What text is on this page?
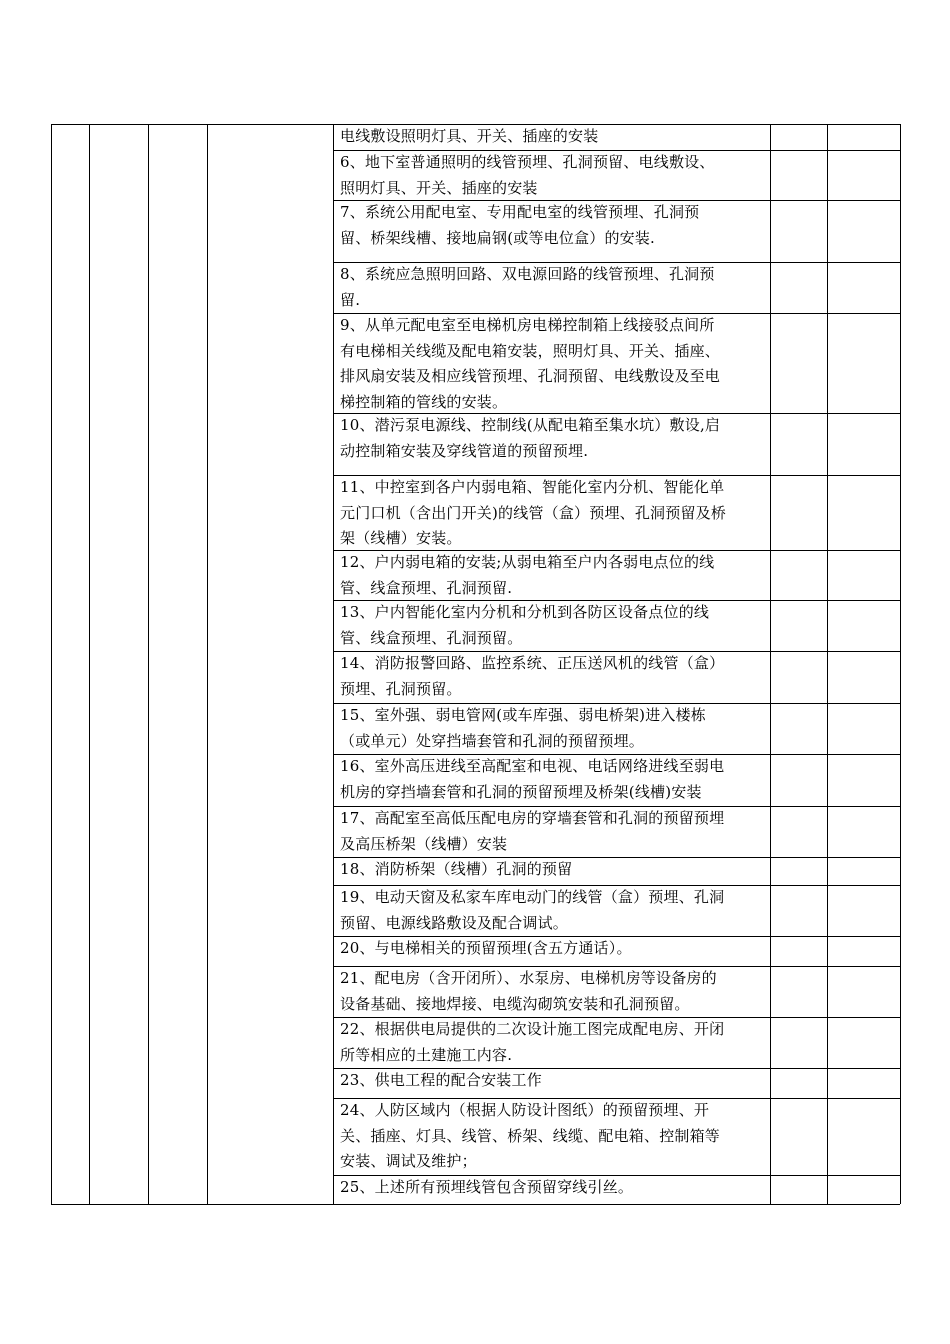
电线敷设照明灯具、开关、插座的安装
6、地下室普通照明的线管预埋、孔洞预留、电线敷设、
照明灯具、开关、插座的安装
7、系统公用配电室、专用配电室的线管预埋、孔洞预
留、桥架线槽、接地扁钢(或等电位盒）的安装.
8、系统应急照明回路、双电源回路的线管预埋、孔洞预
留.
9、从单元配电室至电梯机房电梯控制箱上线接驳点间所
有电梯相关线缆及配电箱安装，照明灯具、开关、插座、
排风扇安装及相应线管预埋、孔洞预留、电线敷设及至电
梯控制箱的管线的安装。
10、潜污泵电源线、控制线(从配电箱至集水坑）敷设,启
动控制箱安装及穿线管道的预留预埋.
11、中控室到各户内弱电箱、智能化室内分机、智能化单
元门口机（含出门开关)的线管（盒）预埋、孔洞预留及桥
架（线槽）安装。
12、户内弱电箱的安装;从弱电箱至户内各弱电点位的线
管、线盒预埋、孔洞预留.
13、户内智能化室内分机和分机到各防区设备点位的线
管、线盒预埋、孔洞预留。
14、消防报警回路、监控系统、正压送风机的线管（盒）
预埋、孔洞预留。
15、室外强、弱电管网(或车库强、弱电桥架)进入楼栋
（或单元）处穿挡墙套管和孔洞的预留预埋。
16、室外高压进线至高配室和电视、电话网络进线至弱电
机房的穿挡墙套管和孔洞的预留预埋及桥架(线槽)安装
17、高配室至高低压配电房的穿墙套管和孔洞的预留预埋
及高压桥架（线槽）安装
18、消防桥架（线槽）孔洞的预留
19、电动天窗及私家车库电动门的线管（盒）预埋、孔洞
预留、电源线路敷设及配合调试。
20、与电梯相关的预留预埋(含五方通话）。
21、配电房（含开闭所）、水泵房、电梯机房等设备房的
设备基础、接地焊接、电缆沟砌筑安装和孔洞预留。
22、根据供电局提供的二次设计施工图完成配电房、开闭
所等相应的土建施工内容.
23、供电工程的配合安装工作
24、人防区域内（根据人防设计图纸）的预留预埋、开
关、插座、灯具、线管、桥架、线缆、配电箱、控制箱等
安装、调试及维护；
25、上述所有预埋线管包含预留穿线引丝。
